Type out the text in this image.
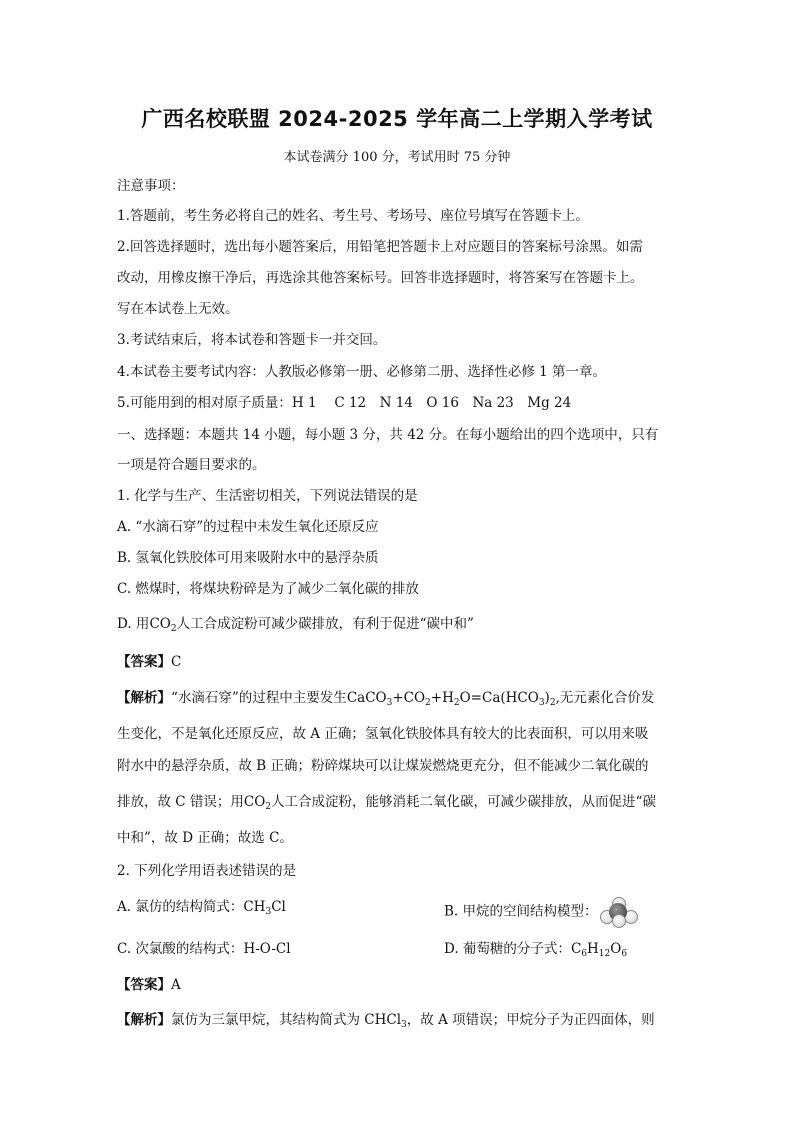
广西名校联盟 2024-2025 学年高二上学期入学考试
本试卷满分 100 分，考试用时 75 分钟
注意事项：
1.答题前，考生务必将自己的姓名、考生号、考场号、座位号填写在答题卡上。
2.回答选择题时，选出每小题答案后，用铅笔把答题卡上对应题目的答案标号涂黑。如需
改动，用橡皮擦干净后，再选涂其他答案标号。回答非选择题时，将答案写在答题卡上。
写在本试卷上无效。
3.考试结束后，将本试卷和答题卡一并交回。
4.本试卷主要考试内容：人教版必修第一册、必修第二册、选择性必修 1 第一章。
5.可能用到的相对原子质量：H 1　 C 12　N 14　O 16　Na 23　Mg 24
一、选择题：本题共 14 小题，每小题 3 分，共 42 分。在每小题给出的四个选项中，只有
一项是符合题目要求的。
1. 化学与生产、生活密切相关，下列说法错误的是
A. “水滴石穿”的过程中未发生氧化还原反应
B. 氢氧化铁胶体可用来吸附水中的悬浮杂质
C. 燃煤时，将煤块粉碎是为了减少二氧化碳的排放
D. 用$CO_2$人工合成淀粉可减少碳排放，有利于促进“碳中和”
【答案】C
【解析】“水滴石穿”的过程中主要发生$CaCO_3+CO_2+H_2O=Ca(HCO_3)_2$,无元素化合价发
生变化，不是氧化还原反应，故 A 正确；氢氧化铁胶体具有较大的比表面积，可以用来吸
附水中的悬浮杂质，故 B 正确；粉碎煤块可以让煤炭燃烧更充分，但不能减少二氧化碳的
排放，故 C 错误；用$CO_2$人工合成淀粉，能够消耗二氧化碳，可减少碳排放，从而促进“碳
中和”，故 D 正确；故选 C。
2. 下列化学用语表述错误的是
A. 氯仿的结构简式：$CH_3Cl$	B. 甲烷的空间结构模型：
C. 次氯酸的结构式：H-O-Cl	D. 葡萄糖的分子式：$C_6H_{12}O_6$
【答案】A
【解析】氯仿为三氯甲烷，其结构简式为 CHCl$_3$，故 A 项错误；甲烷分子为正四面体，则
